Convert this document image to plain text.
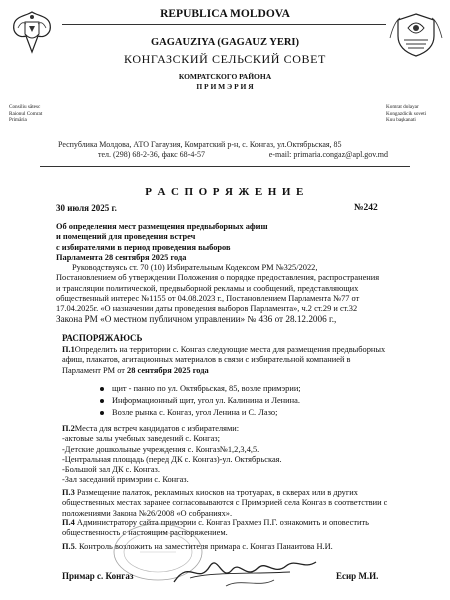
REPUBLICA MOLDOVA
GAGAUZIYA (GAGAUZ YERI)
КОНГАЗСКИЙ СЕЛЬСКИЙ СОВЕТ
КОМРАТСКОГО РАЙОНА
П Р И М Э Р И Я
Consiliu sătesc
Raionul Comrat
Primăria
Komrat dolayar
Kongazdicik soveti
Kuu başkanati
Республика Молдова, АТО Гагаузия, Комратский р-н, с. Конгаз, ул.Октябрьская, 85
тел. (298) 68-2-36, факс 68-4-57	e-mail: primaria.congaz@apl.gov.md
Р А С П О Р Я Ж Е Н И Е
30 июля 2025 г.	№242
Об определения мест размещения предвыборных афиш
и помещений для проведения встреч
с избирателями в период проведения выборов
Парламента 28 сентября 2025 года
Руководствуясь ст. 70 (10) Избирательным Кодексом РМ №325/2022,
Постановлением об утверждении Положения о порядке предоставления, распространения
и трансляции политической, предвыборной рекламы и сообщений, представляющих
общественный интерес №1155 от 04.08.2023 г., Постановлением Парламента №77 от
17.04.2025г. «О назначении даты проведения выборов Парламента», ч.2 ст.29 и ст.32
Закона РМ «О местном публичном управлении» № 436 от 28.12.2006 г.,
РАСПОРЯЖАЮСЬ
П.1Определить на территории с. Конгаз следующие места для размещения предвыборных
афиш, плакатов, агитационных материалов в связи с избирательной компанией в
Парламент РМ от 28 сентября 2025 года
щит - панно по ул. Октябрьская, 85, возле примэрии;
Информационный щит, угол ул. Калинина и Ленина.
Возле рынка с. Конгаз, угол Ленина и С. Лазо;
П.2Места для встреч кандидатов с избирателями:
-актовые залы учебных заведений с. Конгаз;
-Детские дошкольные учреждения с. Конгаз№1,2,3,4,5.
-Центральная площадь (перед ДК с. Конгаз)-ул. Октябрьская.
-Большой зал ДК с. Конгаз.
-Зал заседаний примэрии с. Конгаз.
П.3 Размещение палаток, рекламных киосков на тротуарах, в скверах или в других
общественных местах заранее согласовываются с Примэрией села Конгаз в соответствии с
положениями Закона №26/2008 «О собраниях».
П.4 Администратору сайта примэрии с. Конгаз Грахмез П.Г. ознакомить и оповестить
общественность с настоящим распоряжением.
П.5. Контроль возложить на заместителя примара с. Конгаз Панаитова Н.И.
Примар с. Конгаз	Есир М.И.
